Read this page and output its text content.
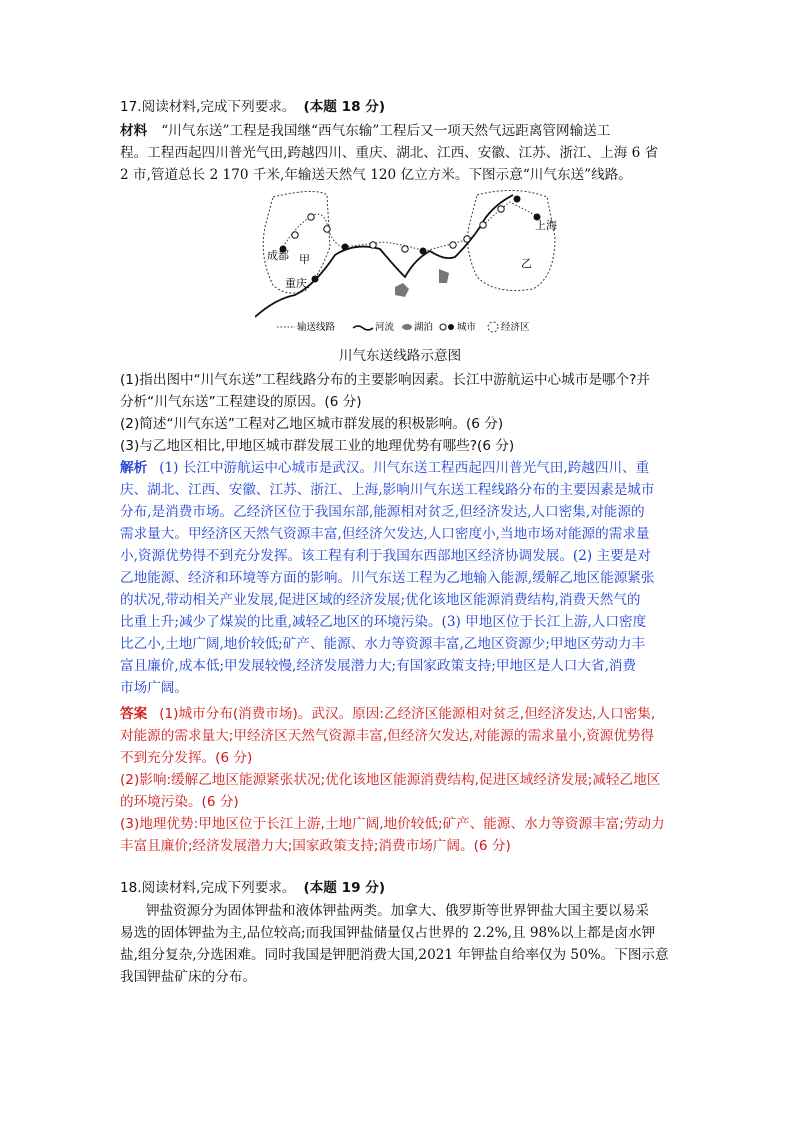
17.阅读材料,完成下列要求。 (本题 18 分)
材料 “川气东送”工程是我国继“西气东输”工程后又一项天然气远距离管网输送工
程。工程西起四川普光气田,跨越四川、重庆、湖北、江西、安徽、江苏、浙江、上海 6 省
2 市,管道总长 2 170 千米,年输送天然气 120 亿立方米。下图示意“川气东送”线路。
成都 甲
重庆
乙
上海
输送线路	河流 湖泊	城市	经济区
川气东送线路示意图
(1)指出图中“川气东送”工程线路分布的主要影响因素。长江中游航运中心城市是哪个?并
分析“川气东送”工程建设的原因。(6 分)
(2)简述“川气东送”工程对乙地区城市群发展的积极影响。(6 分)
(3)与乙地区相比,甲地区城市群发展工业的地理优势有哪些?(6 分)
解析 (1) 长江中游航运中心城市是武汉。川气东送工程西起四川普光气田,跨越四川、重
庆、湖北、江西、安徽、江苏、浙江、上海,影响川气东送工程线路分布的主要因素是城市
分布,是消费市场。乙经济区位于我国东部,能源相对贫乏,但经济发达,人口密集,对能源的
需求量大。甲经济区天然气资源丰富,但经济欠发达,人口密度小,当地市场对能源的需求量
小,资源优势得不到充分发挥。该工程有利于我国东西部地区经济协调发展。(2) 主要是对
乙地能源、经济和环境等方面的影响。川气东送工程为乙地输入能源,缓解乙地区能源紧张
的状况,带动相关产业发展,促进区域的经济发展;优化该地区能源消费结构,消费天然气的
比重上升;减少了煤炭的比重,减轻乙地区的环境污染。(3) 甲地区位于长江上游,人口密度
比乙小,土地广阔,地价较低;矿产、能源、水力等资源丰富,乙地区资源少;甲地区劳动力丰
富且廉价,成本低;甲发展较慢,经济发展潜力大;有国家政策支持;甲地区是人口大省,消费
市场广阔。
答案 (1)城市分布(消费市场)。武汉。原因:乙经济区能源相对贫乏,但经济发达,人口密集,
对能源的需求量大;甲经济区天然气资源丰富,但经济欠发达,对能源的需求量小,资源优势得
不到充分发挥。(6 分)
(2)影响:缓解乙地区能源紧张状况;优化该地区能源消费结构,促进区域经济发展;减轻乙地区
的环境污染。(6 分)
(3)地理优势:甲地区位于长江上游,土地广阔,地价较低;矿产、能源、水力等资源丰富;劳动力
丰富且廉价;经济发展潜力大;国家政策支持;消费市场广阔。(6 分)
18.阅读材料,完成下列要求。 (本题 19 分)
钾盐资源分为固体钾盐和液体钾盐两类。加拿大、俄罗斯等世界钾盐大国主要以易采
易选的固体钾盐为主,品位较高;而我国钾盐储量仅占世界的 2.2%,且 98%以上都是卤水钾
盐,组分复杂,分选困难。同时我国是钾肥消费大国,2021 年钾盐自给率仅为 50%。下图示意
我国钾盐矿床的分布。
